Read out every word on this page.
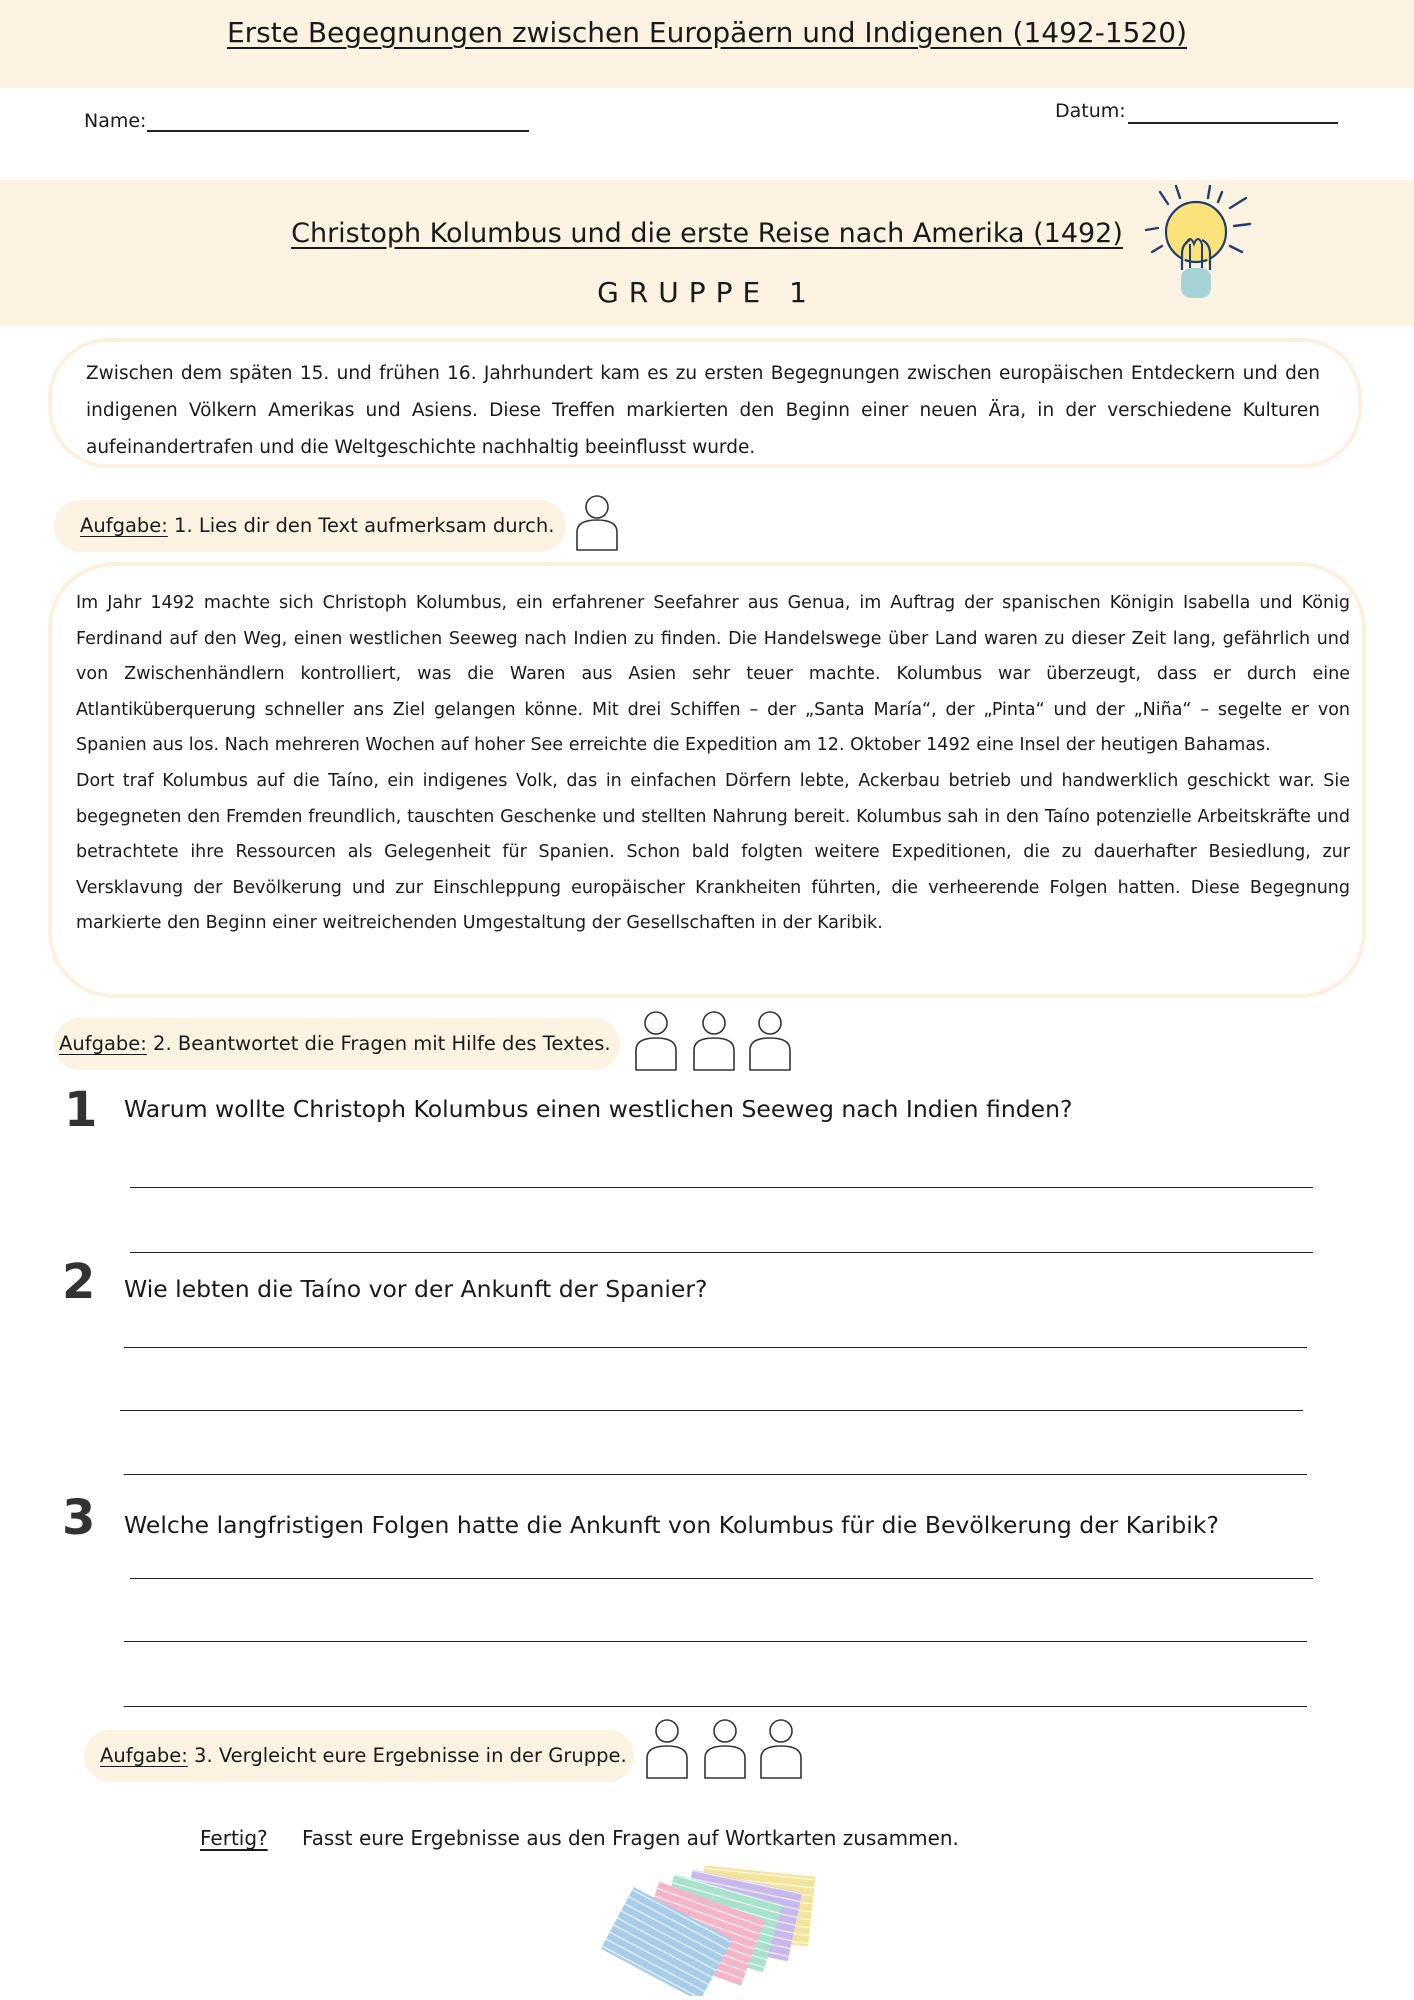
Erste Begegnungen zwischen Europäern und Indigenen (1492-1520)
Name:	Datum:
Christoph Kolumbus und die erste Reise nach Amerika (1492)
GRUPPE 1
Zwischen dem späten 15. und frühen 16. Jahrhundert kam es zu ersten Begegnungen zwischen europäischen Entdeckern und den indigenen Völkern Amerikas und Asiens. Diese Treffen markierten den Beginn einer neuen Ära, in der verschiedene Kulturen aufeinandertrafen und die Weltgeschichte nachhaltig beeinflusst wurde.
Aufgabe: 1. Lies dir den Text aufmerksam durch.

Im Jahr 1492 machte sich Christoph Kolumbus, ein erfahrener Seefahrer aus Genua, im Auftrag der spanischen Königin Isabella und König Ferdinand auf den Weg, einen westlichen Seeweg nach Indien zu finden. Die Handelswege über Land waren zu dieser Zeit lang, gefährlich und von Zwischenhändlern kontrolliert, was die Waren aus Asien sehr teuer machte. Kolumbus war überzeugt, dass er durch eine Atlantiküberquerung schneller ans Ziel gelangen könne. Mit drei Schiffen – der „Santa María“, der „Pinta“ und der „Niña“ – segelte er von Spanien aus los. Nach mehreren Wochen auf hoher See erreichte die Expedition am 12. Oktober 1492 eine Insel der heutigen Bahamas.

Dort traf Kolumbus auf die Taíno, ein indigenes Volk, das in einfachen Dörfern lebte, Ackerbau betrieb und handwerklich geschickt war. Sie begegneten den Fremden freundlich, tauschten Geschenke und stellten Nahrung bereit. Kolumbus sah in den Taíno potenzielle Arbeitskräfte und betrachtete ihre Ressourcen als Gelegenheit für Spanien. Schon bald folgten weitere Expeditionen, die zu dauerhafter Besiedlung, zur Versklavung der Bevölkerung und zur Einschleppung europäischer Krankheiten führten, die verheerende Folgen hatten. Diese Begegnung markierte den Beginn einer weitreichenden Umgestaltung der Gesellschaften in der Karibik.

Aufgabe: 2. Beantwortet die Fragen mit Hilfe des Textes.
1 Warum wollte Christoph Kolumbus einen westlichen Seeweg nach Indien finden?
2 Wie lebten die Taíno vor der Ankunft der Spanier?
3 Welche langfristigen Folgen hatte die Ankunft von Kolumbus für die Bevölkerung der Karibik?
Aufgabe: 3. Vergleicht eure Ergebnisse in der Gruppe.
Fertig? Fasst eure Ergebnisse aus den Fragen auf Wortkarten zusammen.
